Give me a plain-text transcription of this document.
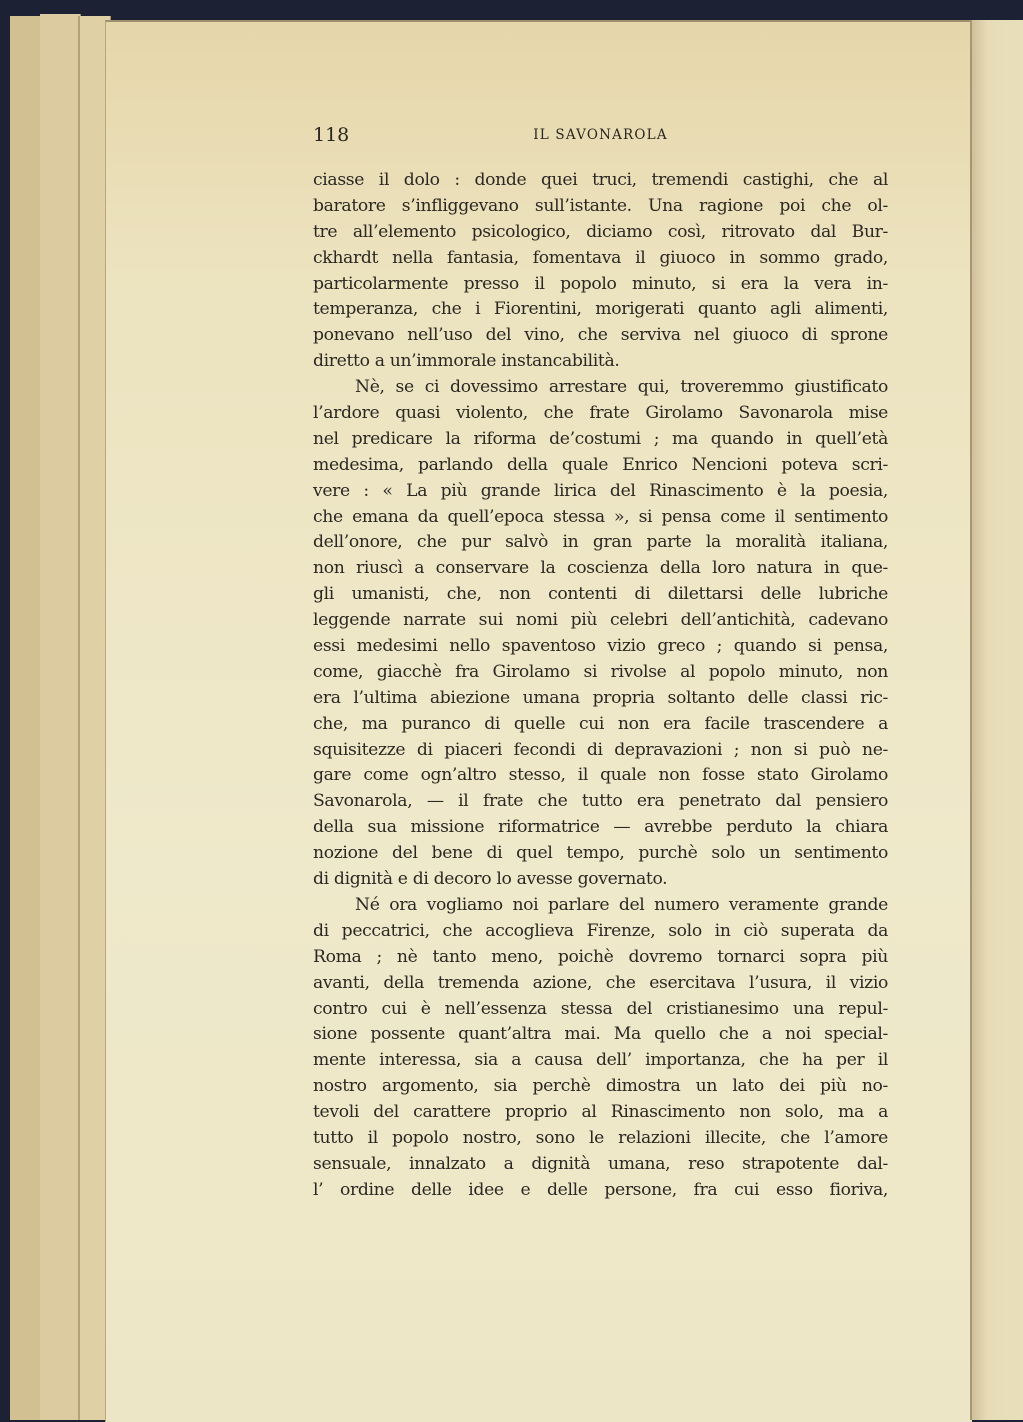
118	IL SAVONAROLA
ciasse il dolo : donde quei truci, tremendi castighi, che al
baratore s’infliggevano sull’istante. Una ragione poi che ol-
tre all’elemento psicologico, diciamo così, ritrovato dal Bur-
ckhardt nella fantasia, fomentava il giuoco in sommo grado,
particolarmente presso il popolo minuto, si era la vera in-
temperanza, che i Fiorentini, morigerati quanto agli alimenti,
ponevano nell’uso del vino, che serviva nel giuoco di sprone
diretto a un’immorale instancabilità.
Nè, se ci dovessimo arrestare qui, troveremmo giustificato
l’ardore quasi violento, che frate Girolamo Savonarola mise
nel predicare la riforma de’costumi ; ma quando in quell’età
medesima, parlando della quale Enrico Nencioni poteva scri-
vere : « La più grande lirica del Rinascimento è la poesia,
che emana da quell’epoca stessa », si pensa come il sentimento
dell’onore, che pur salvò in gran parte la moralità italiana,
non riuscì a conservare la coscienza della loro natura in que-
gli umanisti, che, non contenti di dilettarsi delle lubriche
leggende narrate sui nomi più celebri dell’antichità, cadevano
essi medesimi nello spaventoso vizio greco ; quando si pensa,
come, giacchè fra Girolamo si rivolse al popolo minuto, non
era l’ultima abiezione umana propria soltanto delle classi ric-
che, ma puranco di quelle cui non era facile trascendere a
squisitezze di piaceri fecondi di depravazioni ; non si può ne-
gare come ogn’altro stesso, il quale non fosse stato Girolamo
Savonarola, — il frate che tutto era penetrato dal pensiero
della sua missione riformatrice — avrebbe perduto la chiara
nozione del bene di quel tempo, purchè solo un sentimento
di dignità e di decoro lo avesse governato.
Né ora vogliamo noi parlare del numero veramente grande
di peccatrici, che accoglieva Firenze, solo in ciò superata da
Roma ; nè tanto meno, poichè dovremo tornarci sopra più
avanti, della tremenda azione, che esercitava l’usura, il vizio
contro cui è nell’essenza stessa del cristianesimo una repul-
sione possente quant’altra mai. Ma quello che a noi special-
mente interessa, sia a causa dell’ importanza, che ha per il
nostro argomento, sia perchè dimostra un lato dei più no-
tevoli del carattere proprio al Rinascimento non solo, ma a
tutto il popolo nostro, sono le relazioni illecite, che l’amore
sensuale, innalzato a dignità umana, reso strapotente dal-
l’ ordine delle idee e delle persone, fra cui esso fioriva,
